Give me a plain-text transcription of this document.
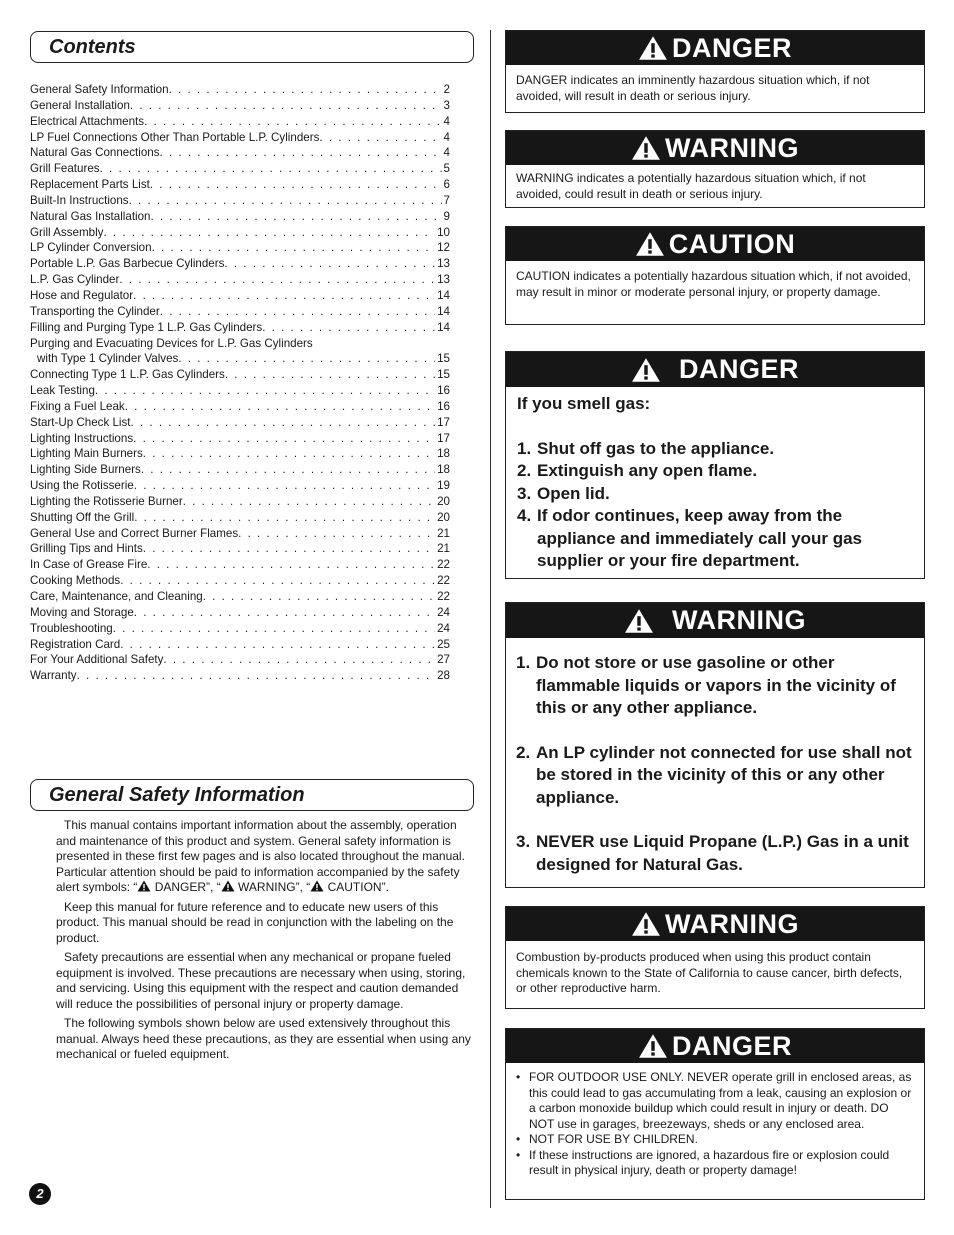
Contents
General Safety Information . . .	2
General Installation . . .	3
Electrical Attachments . . .	4
LP Fuel Connections Other Than Portable L.P. Cylinders . . .	4
Natural Gas Connections . . .	4
Grill Features . . .	5
Replacement Parts List . . .	6
Built-In Instructions . . .	7
Natural Gas Installation . . .	9
Grill Assembly . . .	10
LP Cylinder Conversion . . .	12
Portable L.P. Gas Barbecue Cylinders . . .	13
L.P. Gas Cylinder . . .	13
Hose and Regulator . . .	14
Transporting the Cylinder . . .	14
Filling and Purging Type 1 L.P. Gas Cylinders . . .	14
Purging and Evacuating Devices for L.P. Gas Cylinders
with Type 1 Cylinder Valves . . .	15
Connecting Type 1 L.P. Gas Cylinders . . .	15
Leak Testing . . .	16
Fixing a Fuel Leak . . .	16
Start-Up Check List . . .	17
Lighting Instructions . . .	17
Lighting Main Burners . . .	18
Lighting Side Burners . . .	18
Using the Rotisserie . . .	19
Lighting the Rotisserie Burner . . .	20
Shutting Off the Grill . . .	20
General Use and Correct Burner Flames . . .	21
Grilling Tips and Hints . . .	21
In Case of Grease Fire . . .	22
Cooking Methods . . .	22
Care, Maintenance, and Cleaning . . .	22
Moving and Storage . . .	24
Troubleshooting . . .	24
Registration Card . . .	25
For Your Additional Safety . . .	27
Warranty . . .	28
General Safety Information

This manual contains important information about the assembly, operation and maintenance of this product and system. General safety information is presented in these first few pages and is also located throughout the manual. Particular attention should be paid to information accompanied by the safety alert symbols: “ DANGER”, “ WARNING”, “ CAUTION”.

Keep this manual for future reference and to educate new users of this product. This manual should be read in conjunction with the labeling on the product.

Safety precautions are essential when any mechanical or propane fueled equipment is involved. These precautions are necessary when using, storing, and servicing. Using this equipment with the respect and caution demanded will reduce the possibilities of personal injury or property damage.

The following symbols shown below are used extensively throughout this manual. Always heed these precautions, as they are essential when using any mechanical or fueled equipment.

2
DANGER
DANGER indicates an imminently hazardous situation which, if not avoided, will result in death or serious injury.
WARNING
WARNING indicates a potentially hazardous situation which, if not avoided, could result in death or serious injury.
CAUTION
CAUTION indicates a potentially hazardous situation which, if not avoided, may result in minor or moderate personal injury, or property damage.
DANGER
If you smell gas:
1. Shut off gas to the appliance.
2. Extinguish any open flame.
3. Open lid.
4. If odor continues, keep away from the appliance and immediately call your gas supplier or your fire department.
WARNING
1. Do not store or use gasoline or other flammable liquids or vapors in the vicinity of this or any other appliance.
2. An LP cylinder not connected for use shall not be stored in the vicinity of this or any other appliance.
3. NEVER use Liquid Propane (L.P.) Gas in a unit designed for Natural Gas.
WARNING
Combustion by-products produced when using this product contain chemicals known to the State of California to cause cancer, birth defects, or other reproductive harm.
DANGER
• FOR OUTDOOR USE ONLY. NEVER operate grill in enclosed areas, as this could lead to gas accumulating from a leak, causing an explosion or a carbon monoxide buildup which could result in injury or death. DO NOT use in garages, breezeways, sheds or any enclosed area.
• NOT FOR USE BY CHILDREN.
• If these instructions are ignored, a hazardous fire or explosion could result in physical injury, death or property damage!
